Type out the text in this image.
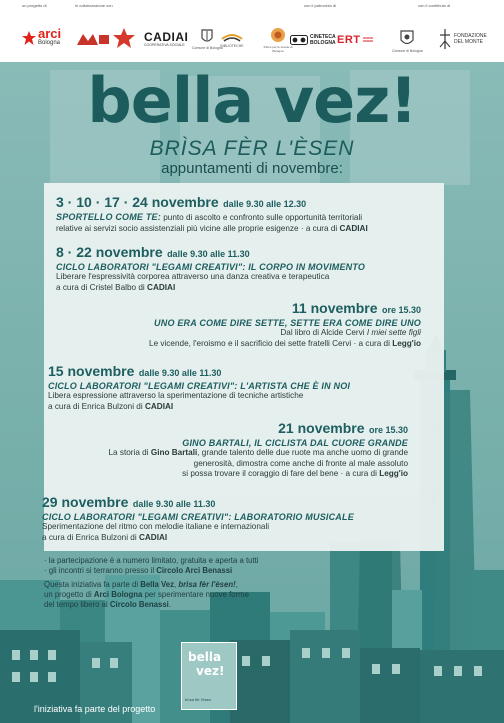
un progetto di	in collaborazione con	con il patrocinio di	con il contributo di
arci
Bologna	CADIAI
COOPERATIVA SOCIALE
Comune di Bologna
BIBLIOTECHE	Parco per le scuole di Bologna
CINETECA
BOLOGNA ERT
Comune di Bologna
FONDAZIONE
DEL MONTE
bella vez!
BRÌSA FÈR L'ÈSEN
appuntamenti di novembre:
bella
vez!
brìsa fèr l'èsen
3 · 10 · 17 · 24 novembre dalle 9.30 alle 12.30
SPORTELLO COME TE: punto di ascolto e confronto sulle opportunità territoriali
relative ai servizi socio assistenziali più vicine alle proprie esigenze · a cura di CADIAI
8 · 22 novembre dalle 9.30 alle 11.30
CICLO LABORATORI "LEGAMI CREATIVI": IL CORPO IN MOVIMENTO
Liberare l'espressività corporea attraverso una danza creativa e terapeutica
a cura di Cristel Balbo di CADIAI
11 novembre ore 15.30
UNO ERA COME DIRE SETTE, SETTE ERA COME DIRE UNO
Dal libro di Alcide Cervi I miei sette figli
Le vicende, l'eroismo e il sacrificio dei sette fratelli Cervi · a cura di Legg'io
15 novembre dalle 9.30 alle 11.30
CICLO LABORATORI "LEGAMI CREATIVI": L'ARTISTA CHE È IN NOI
Libera espressione attraverso la sperimentazione di tecniche artistiche
a cura di Enrica Bulzoni di CADIAI
21 novembre ore 15.30
GINO BARTALI, IL CICLISTA DAL CUORE GRANDE
La storia di Gino Bartali, grande talento delle due ruote ma anche uomo di grande
generosità, dimostra come anche di fronte al male assoluto
si possa trovare il coraggio di fare del bene · a cura di Legg'io
29 novembre dalle 9.30 alle 11.30
CICLO LABORATORI "LEGAMI CREATIVI": LABORATORIO MUSICALE
Sperimentazione del ritmo con melodie italiane e internazionali
a cura di Enrica Bulzoni di CADIAI
· la partecipazione è a numero limitato, gratuita e aperta a tutti
· gli incontri si terranno presso il Circolo Arci Benassi
Questa iniziativa fa parte di Bella Vez, brìsa fèr l'èsen!,
un progetto di Arci Bologna per sperimentare nuove forme
del tempo libero al Circolo Benassi.
l'iniziativa fa parte del progetto
